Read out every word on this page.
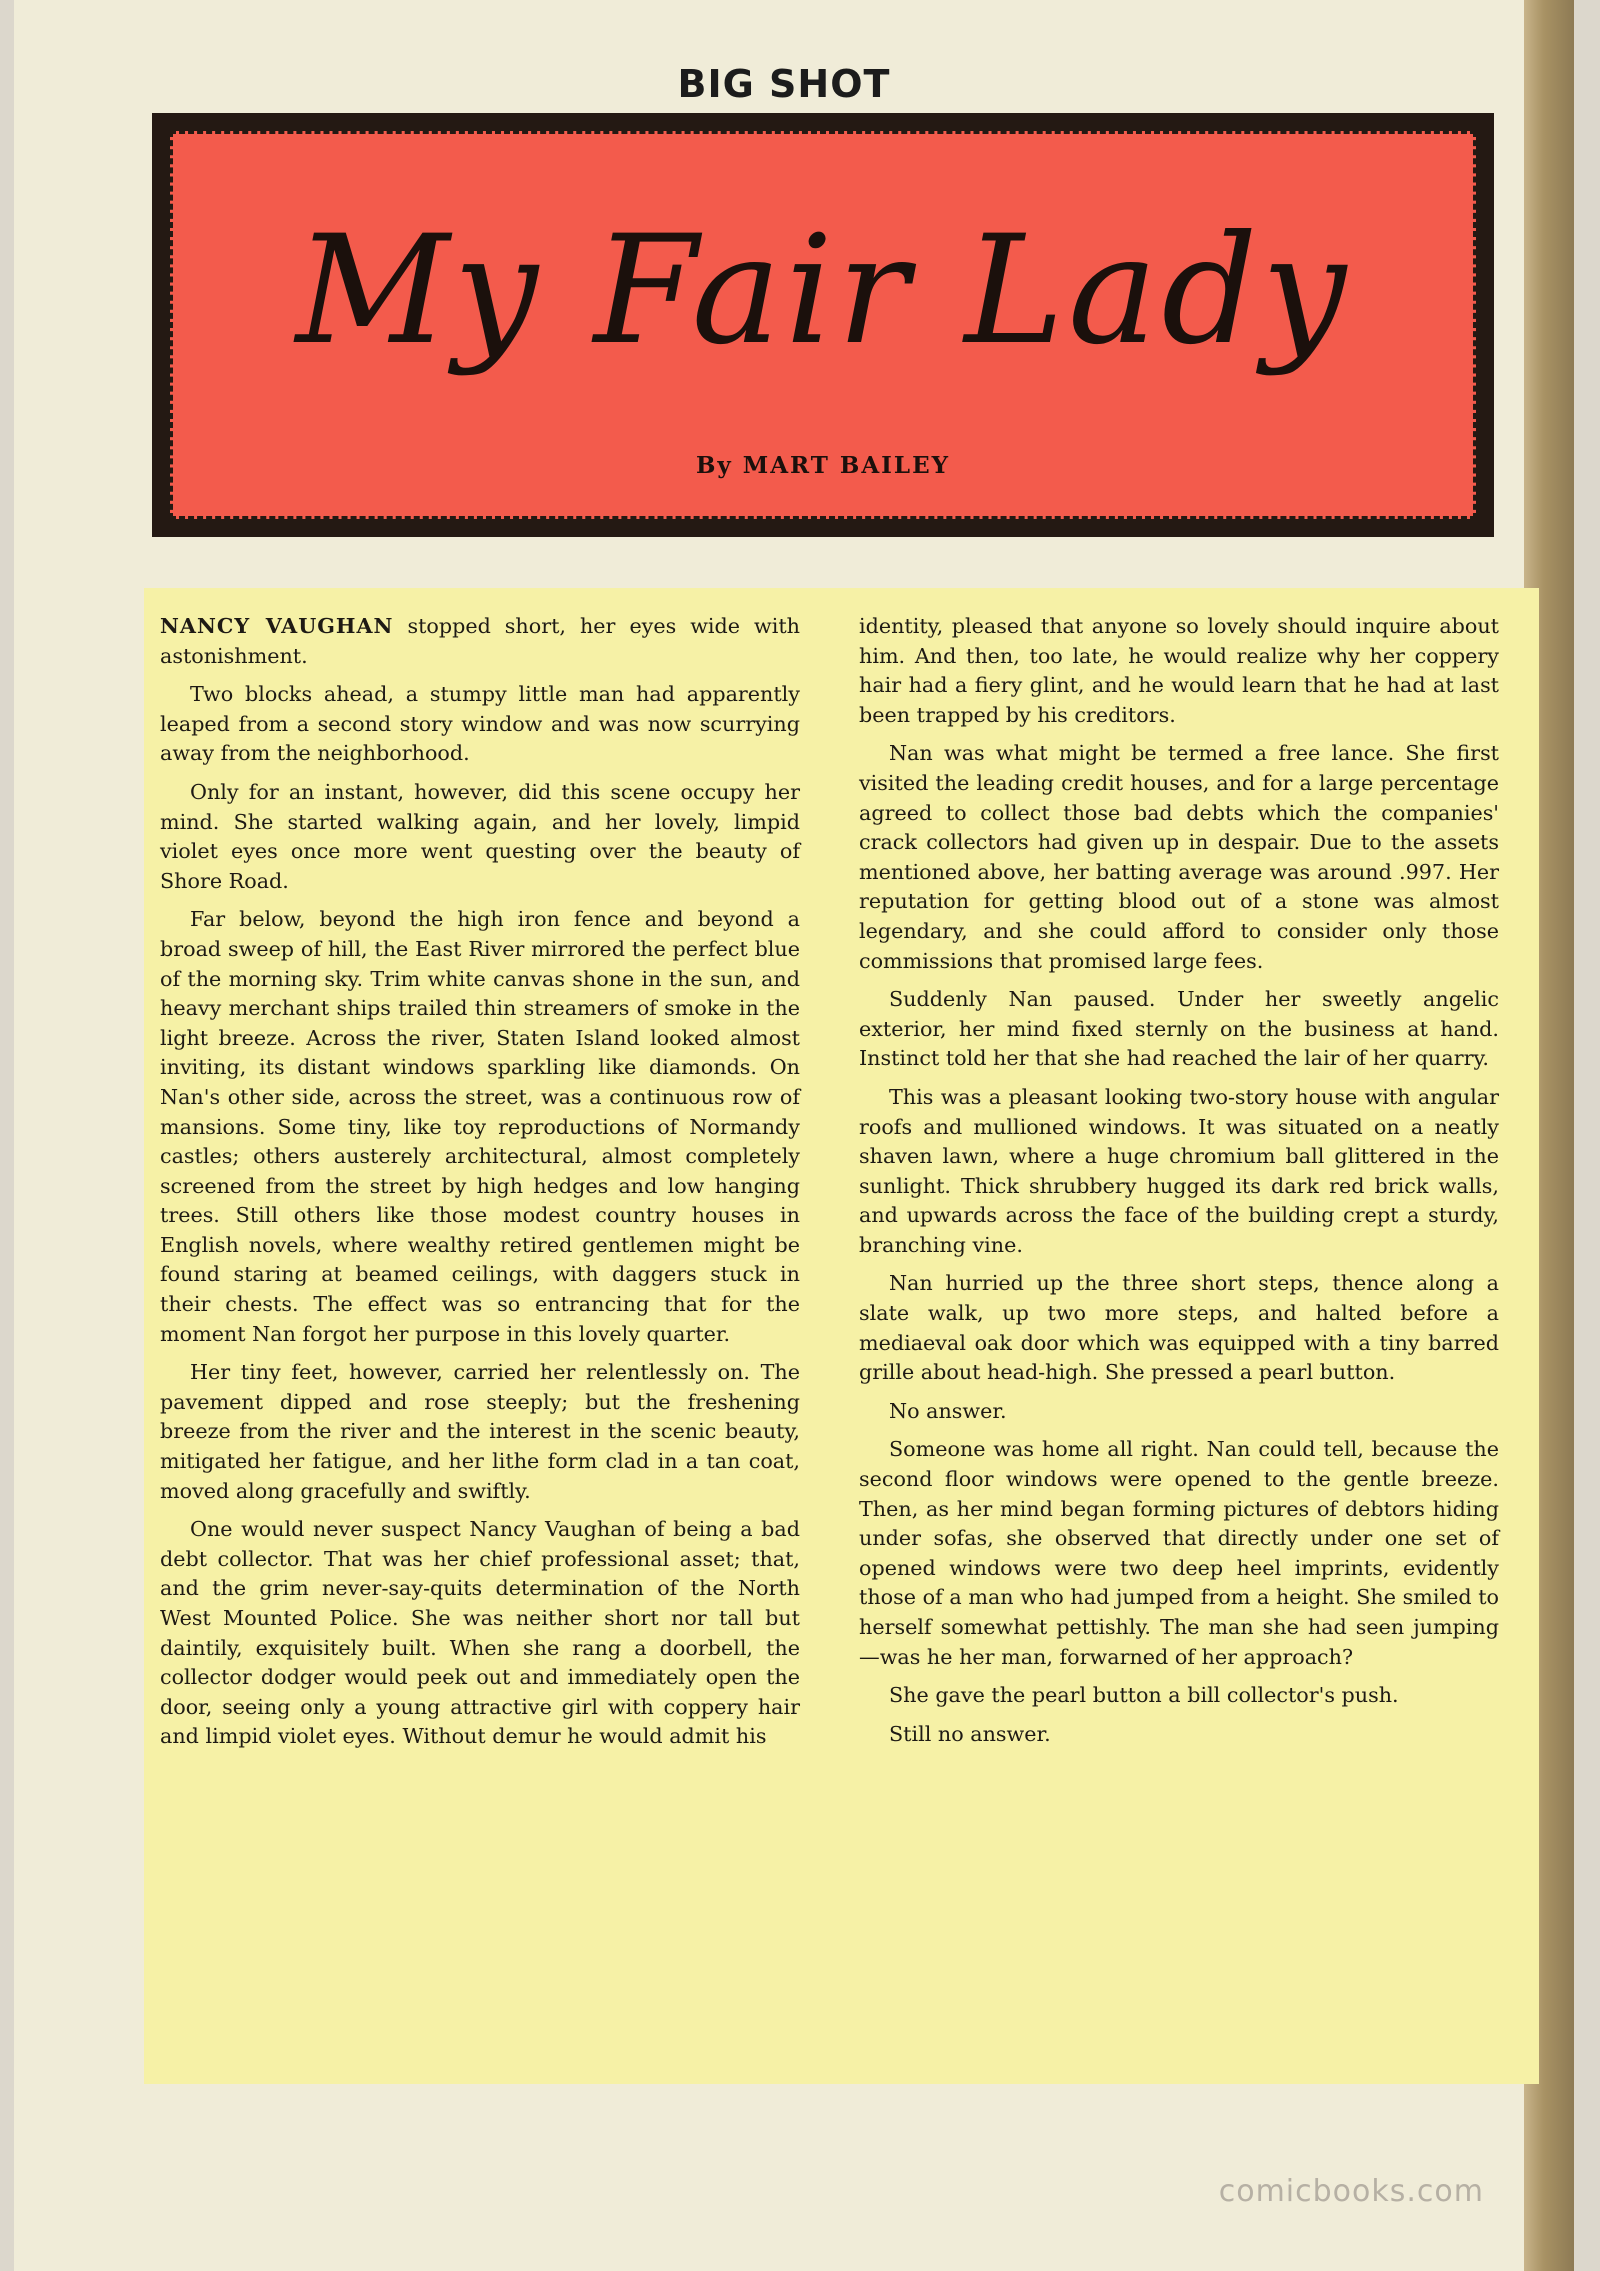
BIG SHOT
My Fair Lady
By MART BAILEY

NANCY VAUGHAN stopped short, her eyes wide with astonishment.

Two blocks ahead, a stumpy little man had apparently leaped from a second story window and was now scurrying away from the neighborhood.

Only for an instant, however, did this scene occupy her mind. She started walking again, and her lovely, limpid violet eyes once more went questing over the beauty of Shore Road.

Far below, beyond the high iron fence and beyond a broad sweep of hill, the East River mirrored the perfect blue of the morning sky. Trim white canvas shone in the sun, and heavy merchant ships trailed thin streamers of smoke in the light breeze. Across the river, Staten Island looked almost inviting, its distant windows sparkling like diamonds. On Nan's other side, across the street, was a continuous row of mansions. Some tiny, like toy reproductions of Normandy castles; others austerely architectural, almost completely screened from the street by high hedges and low hanging trees. Still others like those modest country houses in English novels, where wealthy retired gentlemen might be found staring at beamed ceilings, with daggers stuck in their chests. The effect was so entrancing that for the moment Nan forgot her purpose in this lovely quarter.

Her tiny feet, however, carried her relentlessly on. The pavement dipped and rose steeply; but the freshening breeze from the river and the interest in the scenic beauty, mitigated her fatigue, and her lithe form clad in a tan coat, moved along gracefully and swiftly.

One would never suspect Nancy Vaughan of being a bad debt collector. That was her chief professional asset; that, and the grim never-say-quits determination of the North West Mounted Police. She was neither short nor tall but daintily, exquisitely built. When she rang a doorbell, the collector dodger would peek out and immediately open the door, seeing only a young attractive girl with coppery hair and limpid violet eyes. Without demur he would admit his

identity, pleased that anyone so lovely should inquire about him. And then, too late, he would realize why her coppery hair had a fiery glint, and he would learn that he had at last been trapped by his creditors.

Nan was what might be termed a free lance. She first visited the leading credit houses, and for a large percentage agreed to collect those bad debts which the companies' crack collectors had given up in despair. Due to the assets mentioned above, her batting average was around .997. Her reputation for getting blood out of a stone was almost legendary, and she could afford to consider only those commissions that promised large fees.

Suddenly Nan paused. Under her sweetly angelic exterior, her mind fixed sternly on the business at hand. Instinct told her that she had reached the lair of her quarry.

This was a pleasant looking two-story house with angular roofs and mullioned windows. It was situated on a neatly shaven lawn, where a huge chromium ball glittered in the sunlight. Thick shrubbery hugged its dark red brick walls, and upwards across the face of the building crept a sturdy, branching vine.

Nan hurried up the three short steps, thence along a slate walk, up two more steps, and halted before a mediaeval oak door which was equipped with a tiny barred grille about head-high. She pressed a pearl button.

No answer.

Someone was home all right. Nan could tell, because the second floor windows were opened to the gentle breeze. Then, as her mind began forming pictures of debtors hiding under sofas, she observed that directly under one set of opened windows were two deep heel imprints, evidently those of a man who had jumped from a height. She smiled to herself somewhat pettishly. The man she had seen jumping—was he her man, forwarned of her approach?

She gave the pearl button a bill collector's push.

Still no answer.

comicbooks.com
